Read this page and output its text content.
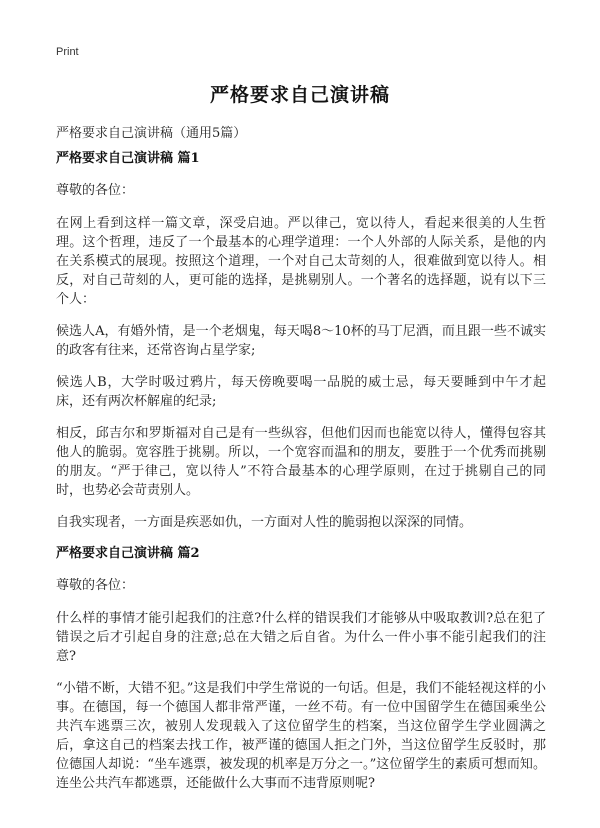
Print
严格要求自己演讲稿
严格要求自己演讲稿（通用5篇）
严格要求自己演讲稿 篇1
尊敬的各位：

在网上看到这样一篇文章，深受启迪。严以律己，宽以待人，看起来很美的人生哲理。这个哲理，违反了一个最基本的心理学道理：一个人外部的人际关系，是他的内在关系模式的展现。按照这个道理，一个对自己太苛刻的人，很难做到宽以待人。相反，对自己苛刻的人，更可能的选择，是挑剔别人。一个著名的选择题，说有以下三个人：

候选人A，有婚外情，是一个老烟鬼，每天喝8～10杯的马丁尼酒，而且跟一些不诚实的政客有往来，还常咨询占星学家;

候选人B，大学时吸过鸦片，每天傍晚要喝一品脱的威士忌，每天要睡到中午才起床，还有两次杯解雇的纪录;

相反，邱吉尔和罗斯福对自己是有一些纵容，但他们因而也能宽以待人，懂得包容其他人的脆弱。宽容胜于挑剔。所以，一个宽容而温和的朋友，要胜于一个优秀而挑剔的朋友。“严于律己，宽以待人”不符合最基本的心理学原则，在过于挑剔自己的同时，也势必会苛责别人。

自我实现者，一方面是疾恶如仇，一方面对人性的脆弱抱以深深的同情。

严格要求自己演讲稿 篇2
尊敬的各位：

什么样的事情才能引起我们的注意?什么样的错误我们才能够从中吸取教训?总在犯了错误之后才引起自身的注意;总在大错之后自省。为什么一件小事不能引起我们的注意?

“小错不断，大错不犯。”这是我们中学生常说的一句话。但是，我们不能轻视这样的小事。在德国，每一个德国人都非常严谨，一丝不苟。有一位中国留学生在德国乘坐公共汽车逃票三次，被别人发现载入了这位留学生的档案，当这位留学生学业圆满之后，拿这自己的档案去找工作，被严谨的德国人拒之门外，当这位留学生反驳时，那位德国人却说：“坐车逃票，被发现的机率是万分之一。”这位留学生的素质可想而知。连坐公共汽车都逃票，还能做什么大事而不违背原则呢?
